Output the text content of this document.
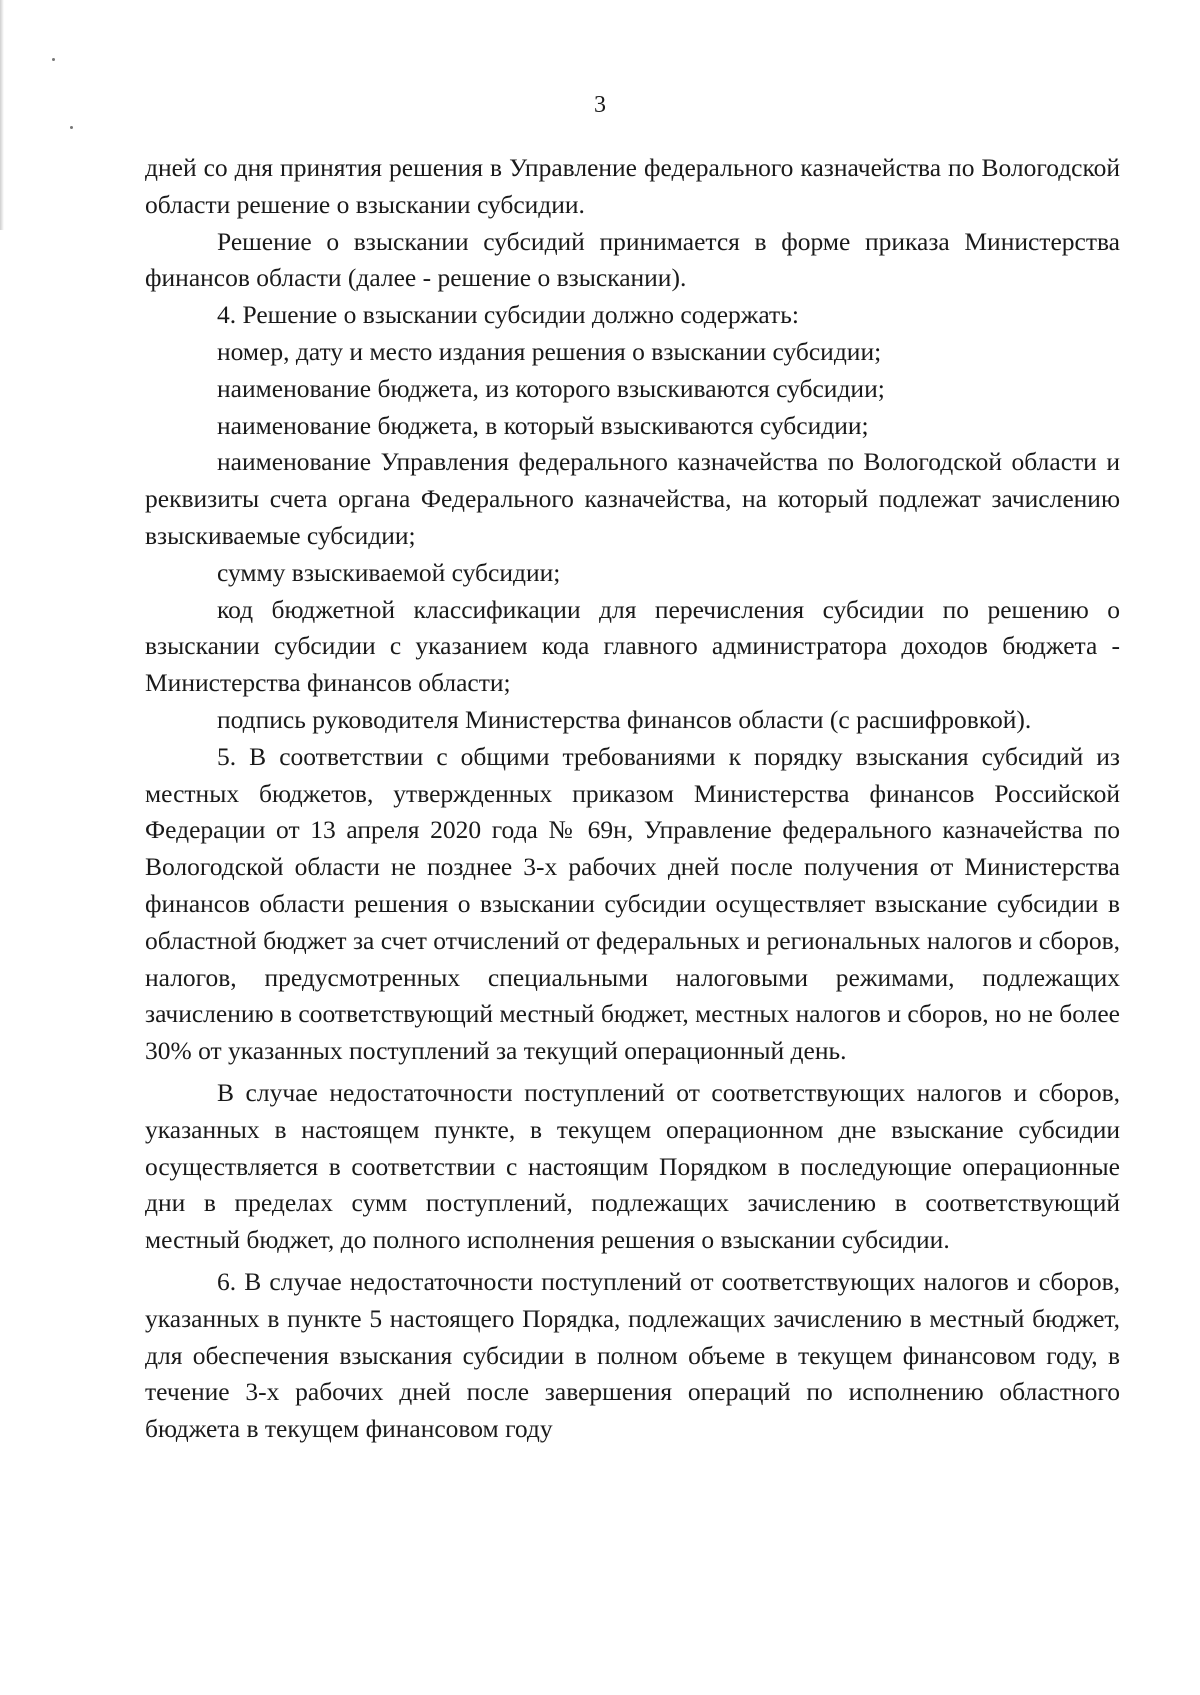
3

дней со дня принятия решения в Управление федерального казначейства по Вологодской области решение о взыскании субсидии.

Решение о взыскании субсидий принимается в форме приказа Министерства финансов области (далее - решение о взыскании).

4. Решение о взыскании субсидии должно содержать:

номер, дату и место издания решения о взыскании субсидии;

наименование бюджета, из которого взыскиваются субсидии;

наименование бюджета, в который взыскиваются субсидии;

наименование Управления федерального казначейства по Вологодской области и реквизиты счета органа Федерального казначейства, на который подлежат зачислению взыскиваемые субсидии;

сумму взыскиваемой субсидии;

код бюджетной классификации для перечисления субсидии по решению о взыскании субсидии с указанием кода главного администратора доходов бюджета - Министерства финансов области;

подпись руководителя Министерства финансов области (с расшифровкой).

5. В соответствии с общими требованиями к порядку взыскания субсидий из местных бюджетов, утвержденных приказом Министерства финансов Российской Федерации от 13 апреля 2020 года № 69н, Управление федерального казначейства по Вологодской области не позднее 3-х рабочих дней после получения от Министерства финансов области решения о взыскании субсидии осуществляет взыскание субсидии в областной бюджет за счет отчислений от федеральных и региональных налогов и сборов, налогов, предусмотренных специальными налоговыми режимами, подлежащих зачислению в соответствующий местный бюджет, местных налогов и сборов, но не более 30% от указанных поступлений за текущий операционный день.

В случае недостаточности поступлений от соответствующих налогов и сборов, указанных в настоящем пункте, в текущем операционном дне взыскание субсидии осуществляется в соответствии с настоящим Порядком в последующие операционные дни в пределах сумм поступлений, подлежащих зачислению в соответствующий местный бюджет, до полного исполнения решения о взыскании субсидии.

6. В случае недостаточности поступлений от соответствующих налогов и сборов, указанных в пункте 5 настоящего Порядка, подлежащих зачислению в местный бюджет, для обеспечения взыскания субсидии в полном объеме в текущем финансовом году, в течение 3-х рабочих дней после завершения операций по исполнению областного бюджета в текущем финансовом году
